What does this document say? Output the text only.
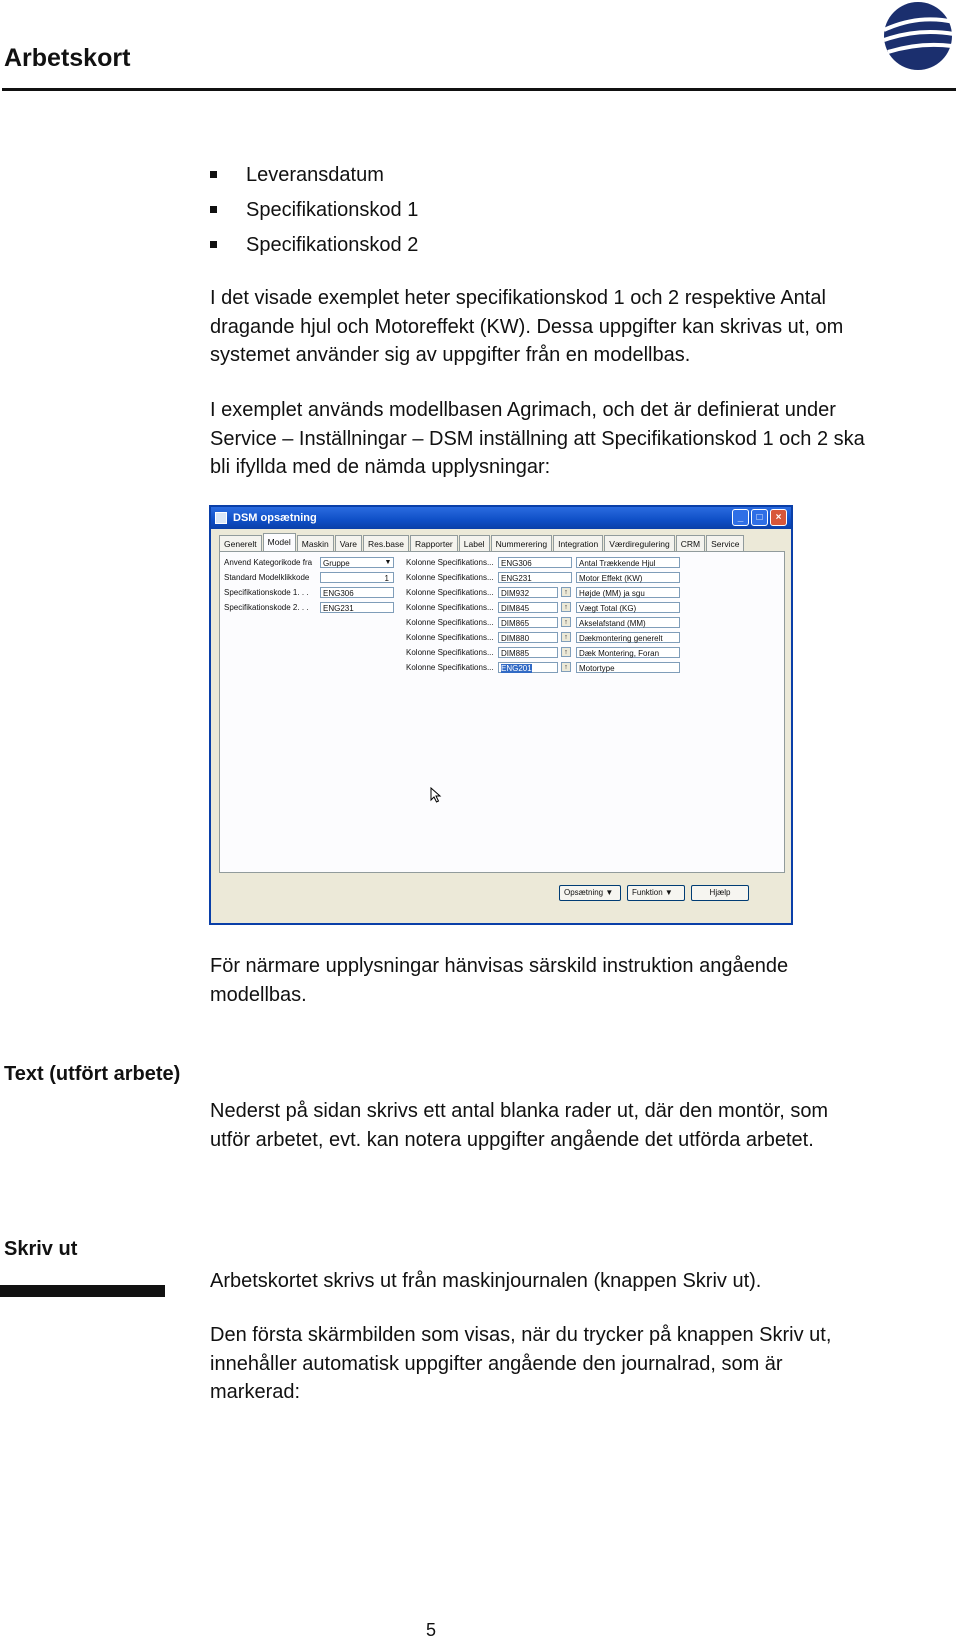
Arbetskort
Leveransdatum
Specifikationskod 1
Specifikationskod 2
I det visade exemplet heter specifikationskod 1 och 2 respektive Antal
dragande hjul och Motoreffekt (KW). Dessa uppgifter kan skrivas ut, om
systemet använder sig av uppgifter från en modellbas.
I exemplet används modellbasen Agrimach, och det är definierat under
Service – Inställningar – DSM inställning att Specifikationskod 1 och 2 ska
bli ifyllda med de nämda upplysningar:
DSM opsætning	_	□	×
Generelt	Model	Maskin	Vare	Res.base	Rapporter	Label	Nummerering	Integration	Værdiregulering	CRM	Service
Anvend Kategorikode fra	Gruppe	▼
Standard Modelklikkode	1
Specifikationskode 1. . .	ENG306
Specifikationskode 2. . .	ENG231
Kolonne Specifikations... ENG306	Antal Trækkende Hjul
Kolonne Specifikations... ENG231	Motor Effekt (KW)
Kolonne Specifikations... DIM932	↑	Højde (MM) ja sgu
Kolonne Specifikations... DIM845	↑	Vægt Total (KG)
Kolonne Specifikations... DIM865	↑	Akselafstand (MM)
Kolonne Specifikations... DIM880	↑	Dækmontering generelt
Kolonne Specifikations... DIM885	↑	Dæk Montering, Foran
Kolonne Specifikations... ENG201	↑	Motortype
Opsætning ▼	Funktion ▼	Hjælp
För närmare upplysningar hänvisas särskild instruktion angående
modellbas.
Text (utfört arbete)
Nederst på sidan skrivs ett antal blanka rader ut, där den montör, som
utför arbetet, evt. kan notera uppgifter angående det utförda arbetet.
Skriv ut
Arbetskortet skrivs ut från maskinjournalen (knappen Skriv ut).
Den första skärmbilden som visas, när du trycker på knappen Skriv ut,
innehåller automatisk uppgifter angående den journalrad, som är
markerad:
5
